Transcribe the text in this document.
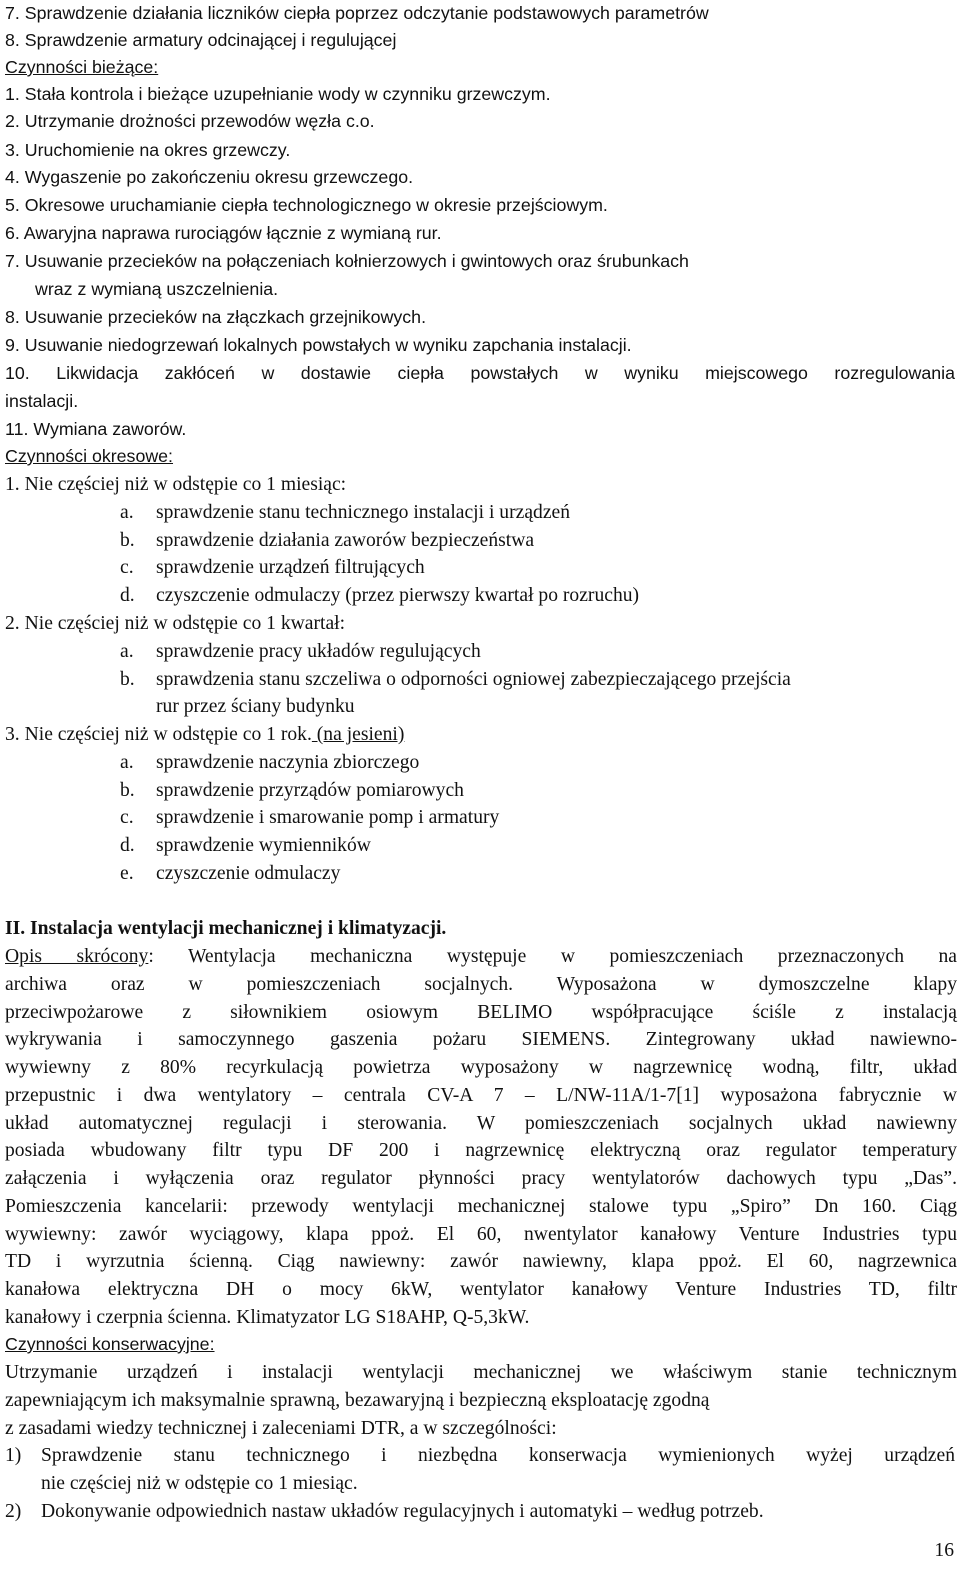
7. Sprawdzenie działania liczników ciepła poprzez odczytanie podstawowych parametrów
8. Sprawdzenie armatury odcinającej i regulującej
Czynności bieżące:
1. Stała kontrola i bieżące uzupełnianie wody w czynniku grzewczym.
2. Utrzymanie drożności przewodów węzła c.o.
3. Uruchomienie na okres grzewczy.
4. Wygaszenie po zakończeniu okresu grzewczego.
5. Okresowe uruchamianie ciepła technologicznego w okresie przejściowym.
6. Awaryjna naprawa rurociągów łącznie z wymianą rur.
7. Usuwanie przecieków na połączeniach kołnierzowych i gwintowych oraz śrubunkach
wraz z wymianą uszczelnienia.
8. Usuwanie przecieków na złączkach grzejnikowych.
9. Usuwanie niedogrzewań lokalnych powstałych w wyniku zapchania instalacji.
10. Likwidacja zakłóceń w dostawie ciepła powstałych w wyniku miejscowego rozregulowania
instalacji.
11. Wymiana zaworów.
Czynności okresowe:
1. Nie częściej niż w odstępie co 1 miesiąc:
a. sprawdzenie stanu technicznego instalacji i urządzeń
b. sprawdzenie działania zaworów bezpieczeństwa
c. sprawdzenie urządzeń filtrujących
d. czyszczenie odmulaczy (przez pierwszy kwartał po rozruchu)
2. Nie częściej niż w odstępie co 1 kwartał:
a. sprawdzenie pracy układów regulujących
b. sprawdzenia stanu szczeliwa o odporności ogniowej zabezpieczającego przejścia
rur przez ściany budynku
3. Nie częściej niż w odstępie co 1 rok. (na jesieni)
a. sprawdzenie naczynia zbiorczego
b. sprawdzenie przyrządów pomiarowych
c. sprawdzenie i smarowanie pomp i armatury
d. sprawdzenie wymienników
e. czyszczenie odmulaczy
II. Instalacja wentylacji mechanicznej i klimatyzacji.
Opis skrócony: Wentylacja mechaniczna występuje w pomieszczeniach przeznaczonych na
archiwa oraz w pomieszczeniach socjalnych. Wyposażona w dymoszczelne klapy
przeciwpożarowe z siłownikiem osiowym BELIMO współpracujące ściśle z instalacją
wykrywania i samoczynnego gaszenia pożaru SIEMENS. Zintegrowany układ nawiewno-
wywiewny z 80% recyrkulacją powietrza wyposażony w nagrzewnicę wodną, filtr, układ
przepustnic i dwa wentylatory – centrala CV-A 7 – L/NW-11A/1-7[1] wyposażona fabrycznie w
układ automatycznej regulacji i sterowania. W pomieszczeniach socjalnych układ nawiewny
posiada wbudowany filtr typu DF 200 i nagrzewnicę elektryczną oraz regulator temperatury
załączenia i wyłączenia oraz regulator płynności pracy wentylatorów dachowych typu „Das”.
Pomieszczenia kancelarii: przewody wentylacji mechanicznej stalowe typu „Spiro” Dn 160. Ciąg
wywiewny: zawór wyciągowy, klapa ppoż. El 60, nwentylator kanałowy Venture Industries typu
TD i wyrzutnia ścienną. Ciąg nawiewny: zawór nawiewny, klapa ppoż. El 60, nagrzewnica
kanałowa elektryczna DH o mocy 6kW, wentylator kanałowy Venture Industries TD, filtr
kanałowy i czerpnia ścienna. Klimatyzator LG S18AHP, Q-5,3kW.
Czynności konserwacyjne:
Utrzymanie urządzeń i instalacji wentylacji mechanicznej we właściwym stanie technicznym
zapewniającym ich maksymalnie sprawną, bezawaryjną i bezpieczną eksploatację zgodną
z zasadami wiedzy technicznej i zaleceniami DTR, a w szczególności:
1) Sprawdzenie stanu technicznego i niezbędna konserwacja wymienionych wyżej urządzeń
nie częściej niż w odstępie co 1 miesiąc.
2) Dokonywanie odpowiednich nastaw układów regulacyjnych i automatyki – według potrzeb.
16
